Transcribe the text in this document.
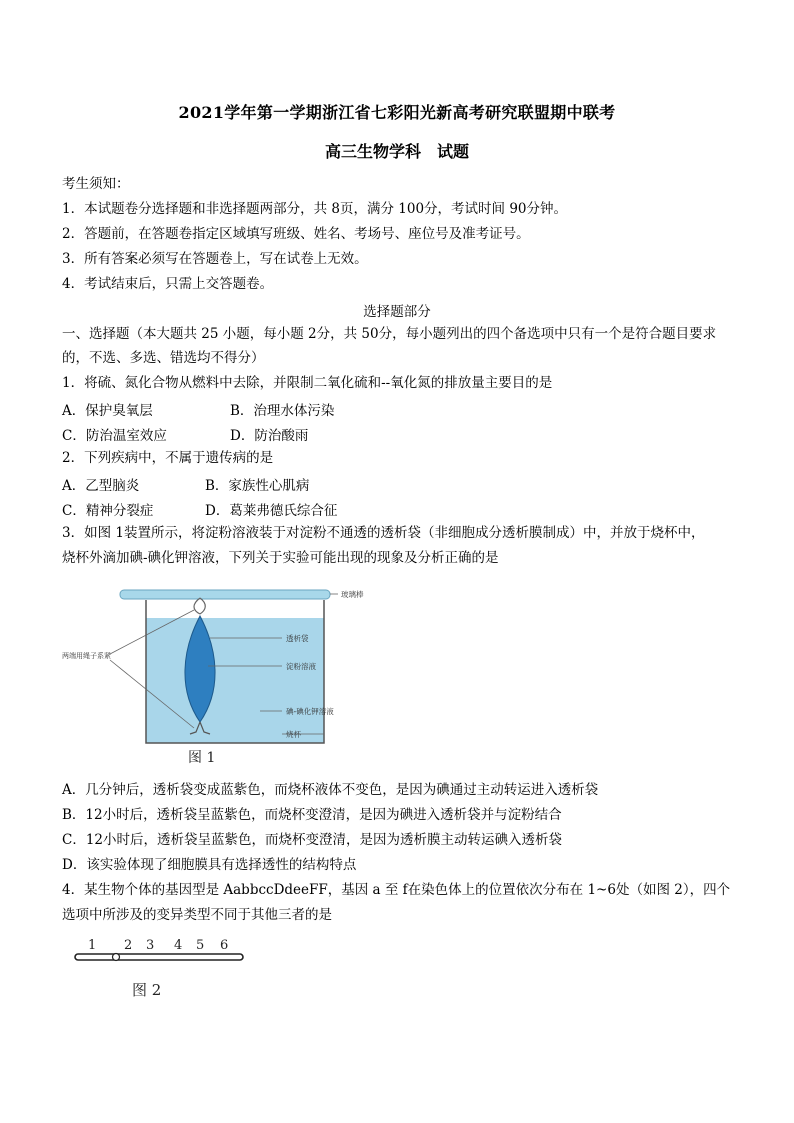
2021学年第一学期浙江省七彩阳光新高考研究联盟期中联考
高三生物学科　试题
考生须知：
1．本试题卷分选择题和非选择题两部分，共 8页，满分 100分，考试时间 90分钟。
2．答题前，在答题卷指定区域填写班级、姓名、考场号、座位号及准考证号。
3．所有答案必须写在答题卷上，写在试卷上无效。
4．考试结束后，只需上交答题卷。
选择题部分
一、选择题（本大题共 25 小题，每小题 2分，共 50分，每小题列出的四个备选项中只有一个是符合题目要求
的，不选、多选、错选均不得分）
1．将硫、氮化合物从燃料中去除，并限制二氧化硫和--氧化氮的排放量主要目的是
A．保护臭氧层	B．治理水体污染
C．防治温室效应	D．防治酸雨
2．下列疾病中，不属于遗传病的是
A．乙型脑炎	B．家族性心肌病
C．精神分裂症	D．葛莱弗德氏综合征
3．如图 1装置所示，将淀粉溶液装于对淀粉不通透的透析袋（非细胞成分透析膜制成）中，并放于烧杯中，
烧杯外滴加碘-碘化钾溶液，下列关于实验可能出现的现象及分析正确的是
玻璃棒
两端用绳子系紧
透析袋
淀粉溶液
碘-碘化钾溶液
烧杯
图 1
A．几分钟后，透析袋变成蓝紫色，而烧杯液体不变色，是因为碘通过主动转运进入透析袋
B．12小时后，透析袋呈蓝紫色，而烧杯变澄清，是因为碘进入透析袋并与淀粉结合
C．12小时后，透析袋呈蓝紫色，而烧杯变澄清，是因为透析膜主动转运碘入透析袋
D．该实验体现了细胞膜具有选择透性的结构特点
4．某生物个体的基因型是 AabbccDdeeFF，基因 a 至 f在染色体上的位置依次分布在 1~6处（如图 2），四个
选项中所涉及的变异类型不同于其他三者的是
1 2 3 4 5 6
图 2
